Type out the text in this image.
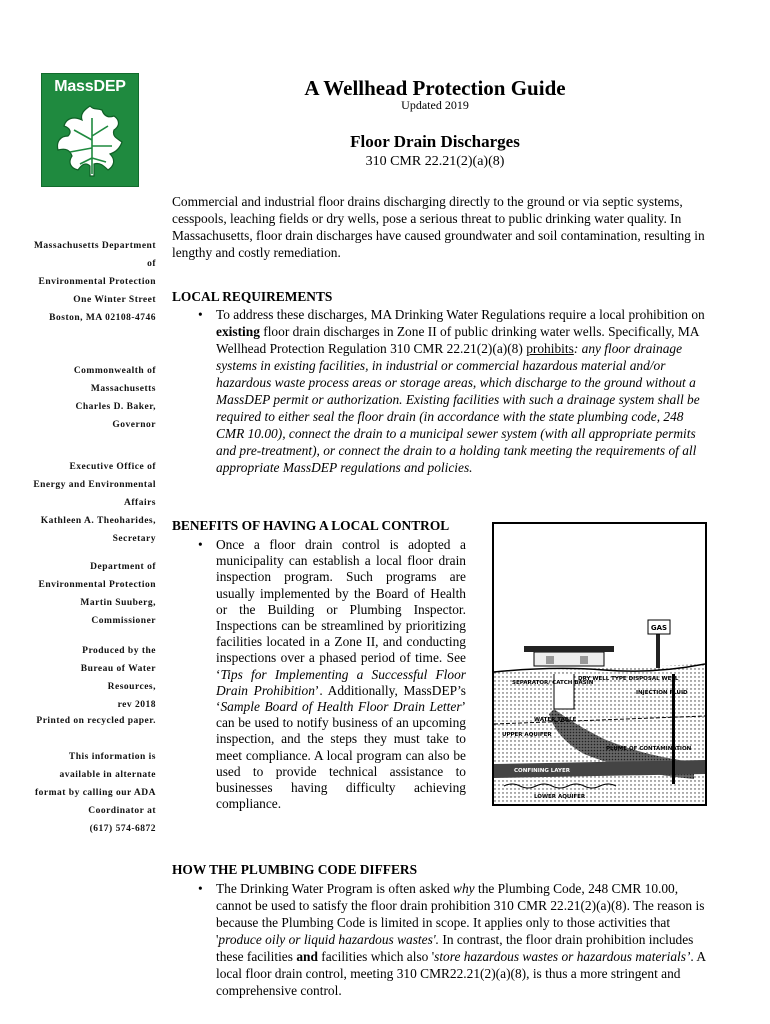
MassDEP
Massachusetts Department
of
Environmental Protection
One Winter Street
Boston, MA 02108-4746
Commonwealth of
Massachusetts
Charles D. Baker,
Governor
Executive Office of
Energy and Environmental
Affairs
Kathleen A. Theoharides,
Secretary
Department of
Environmental Protection
Martin Suuberg,
Commissioner
Produced by the
Bureau of Water
Resources,
rev 2018
Printed on recycled paper.
This information is
available in alternate
format by calling our ADA
Coordinator at
(617) 574-6872
A Wellhead Protection Guide
Updated 2019
Floor Drain Discharges
310 CMR 22.21(2)(a)(8)
Commercial and industrial floor drains discharging directly to the ground or via septic systems, cesspools, leaching fields or dry wells, pose a serious threat to public drinking water quality. In Massachusetts, floor drain discharges have caused groundwater and soil contamination, resulting in lengthy and costly remediation.
LOCAL REQUIREMENTS
• To address these discharges, MA Drinking Water Regulations require a local prohibition on existing floor drain discharges in Zone II of public drinking water wells. Specifically, MA Wellhead Protection Regulation 310 CMR 22.21(2)(a)(8) prohibits: any floor drainage systems in existing facilities, in industrial or commercial hazardous material and/or hazardous waste process areas or storage areas, which discharge to the ground without a MassDEP permit or authorization. Existing facilities with such a drainage system shall be required to either seal the floor drain (in accordance with the state plumbing code, 248 CMR 10.00), connect the drain to a municipal sewer system (with all appropriate permits and pre-treatment), or connect the drain to a holding tank meeting the requirements of all appropriate MassDEP regulations and policies.
BENEFITS OF HAVING A LOCAL CONTROL
• Once a floor drain control is adopted a municipality can establish a local floor drain inspection program. Such programs are usually implemented by the Board of Health or the Building or Plumbing Inspector. Inspections can be streamlined by prioritizing facilities located in a Zone II, and conducting inspections over a phased period of time. See ‘Tips for Implementing a Successful Floor Drain Prohibition’. Additionally, MassDEP’s ‘Sample Board of Health Floor Drain Letter’ can be used to notify business of an upcoming inspection, and the steps they must take to meet compliance. A local program can also be used to provide technical assistance to businesses having difficulty achieving compliance.
GAS
SEPARATOR/ CATCH BASIN
DRY WELL TYPE DISPOSAL WELL
WATER TABLE
UPPER AQUIFER
PLUME OF CONTAMINATION
CONFINING LAYER
LOWER AQUIFER
INJECTION FLUID
HOW THE PLUMBING CODE DIFFERS
• The Drinking Water Program is often asked why the Plumbing Code, 248 CMR 10.00, cannot be used to satisfy the floor drain prohibition 310 CMR 22.21(2)(a)(8). The reason is because the Plumbing Code is limited in scope. It applies only to those activities that 'produce oily or liquid hazardous wastes'. In contrast, the floor drain prohibition includes these facilities and facilities which also 'store hazardous wastes or hazardous materials’. A local floor drain control, meeting 310 CMR22.21(2)(a)(8), is thus a more stringent and comprehensive control.
